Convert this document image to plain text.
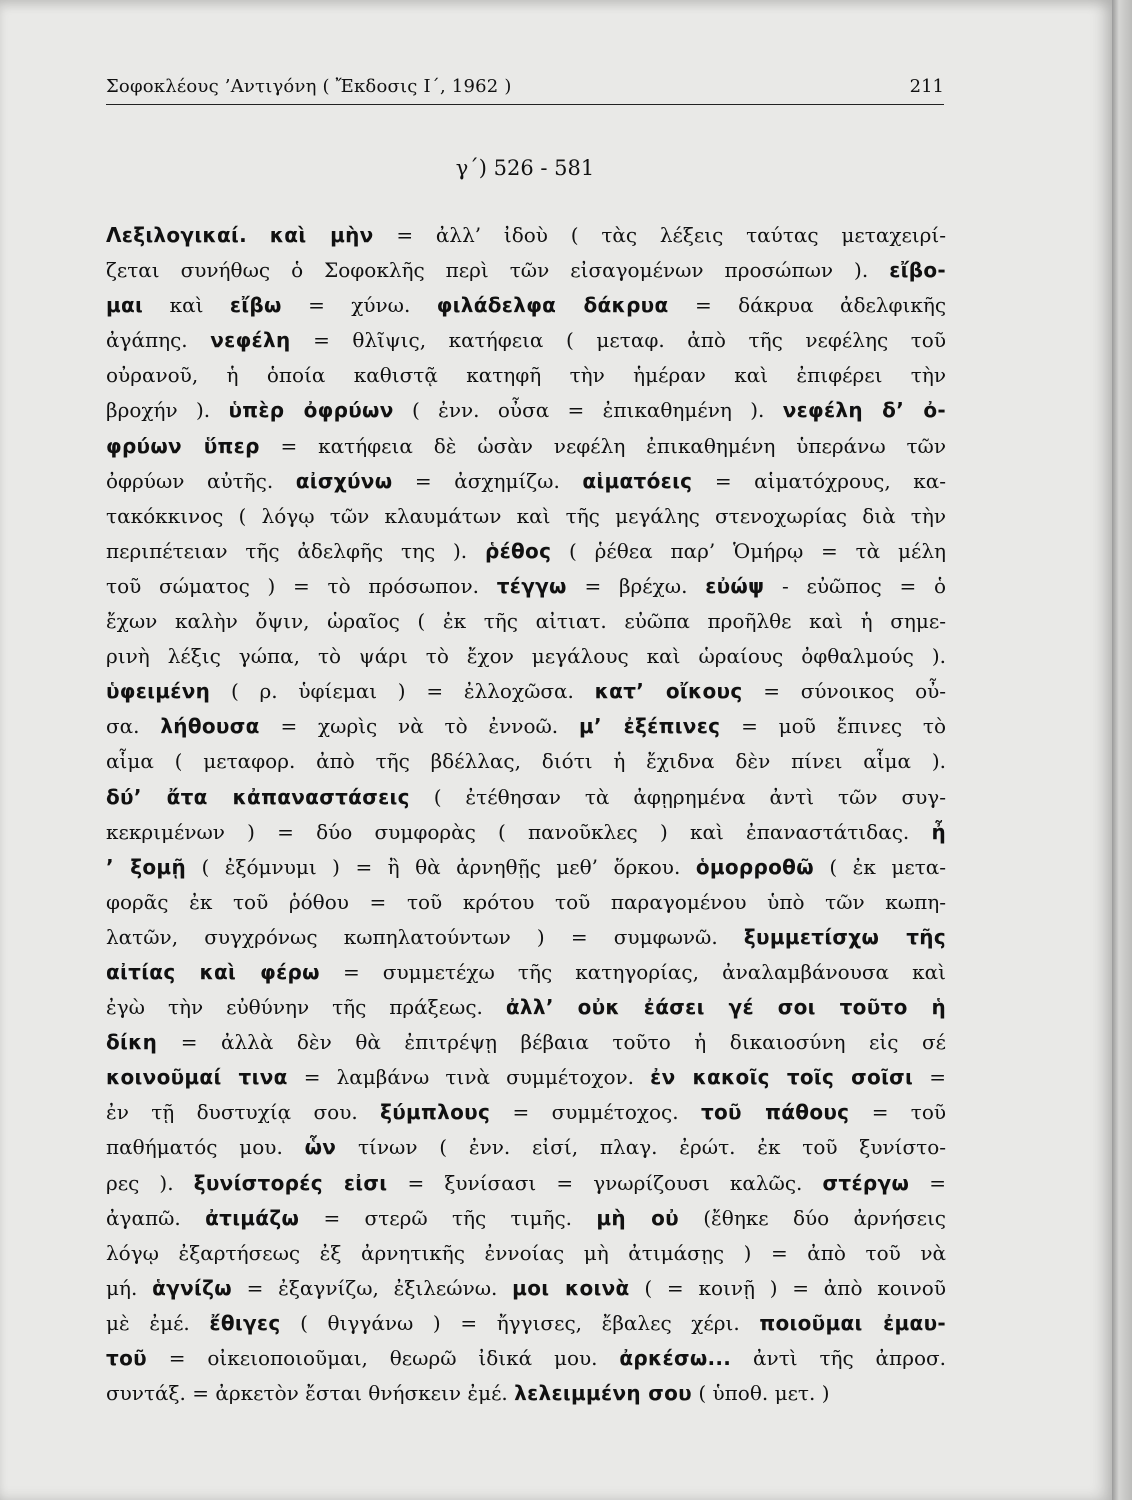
Σοφοκλέους ’Αντιγόνη ( Ἔκδοσις Ι΄, 1962 )	211
γ΄) 526 - 581
Λεξιλογικαί. καὶ μὴν = ἀλλ’ ἰδοὺ ( τὰς λέξεις ταύτας μεταχειρί-
ζεται συνήθως ὁ Σοφοκλῆς περὶ τῶν εἰσαγομένων προσώπων ). εἴβο-
μαι καὶ εἴβω = χύνω. φιλάδελφα δάκρυα = δάκρυα ἀδελφικῆς
ἀγάπης. νεφέλη = θλῖψις, κατήφεια ( μεταφ. ἀπὸ τῆς νεφέλης τοῦ
οὐρανοῦ, ἡ ὁποία καθιστᾷ κατηφῆ τὴν ἡμέραν καὶ ἐπιφέρει τὴν
βροχήν ). ὑπὲρ ὀφρύων ( ἐνν. οὖσα = ἐπικαθημένη ). νεφέλη δ’ ὀ-
φρύων ὕπερ = κατήφεια δὲ ὡσὰν νεφέλη ἐπικαθημένη ὑπεράνω τῶν
ὀφρύων αὐτῆς. αἰσχύνω = ἀσχημίζω. αἱματόεις = αἱματόχρους, κα-
τακόκκινος ( λόγῳ τῶν κλαυμάτων καὶ τῆς μεγάλης στενοχωρίας διὰ τὴν
περιπέτειαν τῆς ἀδελφῆς της ). ῥέθος ( ῥέθεα παρ’ Ὁμήρῳ = τὰ μέλη
τοῦ σώματος ) = τὸ πρόσωπον. τέγγω = βρέχω. εὐώψ - εὐῶπος = ὁ
ἔχων καλὴν ὄψιν, ὡραῖος ( ἐκ τῆς αἰτιατ. εὐῶπα προῆλθε καὶ ἡ σημε-
ρινὴ λέξις γώπα, τὸ ψάρι τὸ ἔχον μεγάλους καὶ ὡραίους ὀφθαλμούς ).
ὑφειμένη ( ρ. ὑφίεμαι ) = ἐλλοχῶσα. κατ’ οἴκους = σύνοικος οὖ-
σα. λήθουσα = χωρὶς νὰ τὸ ἐννοῶ. μ’ ἐξέπινες = μοῦ ἔπινες τὸ
αἷμα ( μεταφορ. ἀπὸ τῆς βδέλλας, διότι ἡ ἔχιδνα δὲν πίνει αἷμα ).
δύ’ ἄτα κἀπαναστάσεις ( ἐτέθησαν τὰ ἀφῃρημένα ἀντὶ τῶν συγ-
κεκριμένων ) = δύο συμφορὰς ( πανοῦκλες ) καὶ ἐπαναστάτιδας. ἦ
’ ξομῇ ( ἐξόμνυμι ) = ἢ θὰ ἀρνηθῇς μεθ’ ὅρκου. ὁμορροθῶ ( ἐκ μετα-
φορᾶς ἐκ τοῦ ῥόθου = τοῦ κρότου τοῦ παραγομένου ὑπὸ τῶν κωπη-
λατῶν, συγχρόνως κωπηλατούντων ) = συμφωνῶ. ξυμμετίσχω τῆς
αἰτίας καὶ φέρω = συμμετέχω τῆς κατηγορίας, ἀναλαμβάνουσα καὶ
ἐγὼ τὴν εὐθύνην τῆς πράξεως. ἀλλ’ οὐκ ἐάσει γέ σοι τοῦτο ἡ
δίκη = ἀλλὰ δὲν θὰ ἐπιτρέψῃ βέβαια τοῦτο ἡ δικαιοσύνη εἰς σέ
κοινοῦμαί τινα = λαμβάνω τινὰ συμμέτοχον. ἐν κακοῖς τοῖς σοῖσι =
ἐν τῇ δυστυχίᾳ σου. ξύμπλους = συμμέτοχος. τοῦ πάθους = τοῦ
παθήματός μου. ὧν τίνων ( ἐνν. εἰσί, πλαγ. ἐρώτ. ἐκ τοῦ ξυνίστο-
ρες ). ξυνίστορές εἰσι = ξυνίσασι = γνωρίζουσι καλῶς. στέργω =
ἀγαπῶ. ἀτιμάζω = στερῶ τῆς τιμῆς. μὴ οὐ (ἔθηκε δύο ἀρνήσεις
λόγῳ ἐξαρτήσεως ἐξ ἀρνητικῆς ἐννοίας μὴ ἀτιμάσῃς ) = ἀπὸ τοῦ νὰ
μή. ἁγνίζω = ἐξαγνίζω, ἐξιλεώνω. μοι κοινὰ ( = κοινῇ ) = ἀπὸ κοινοῦ
μὲ ἐμέ. ἔθιγες ( θιγγάνω ) = ἤγγισες, ἔβαλες χέρι. ποιοῦμαι ἐμαυ-
τοῦ = οἰκειοποιοῦμαι, θεωρῶ ἰδικά μου. ἀρκέσω... ἀντὶ τῆς ἀπροσ.
συντάξ. = ἀρκετὸν ἔσται θνήσκειν ἐμέ. λελειμμένη σου ( ὑποθ. μετ. )
